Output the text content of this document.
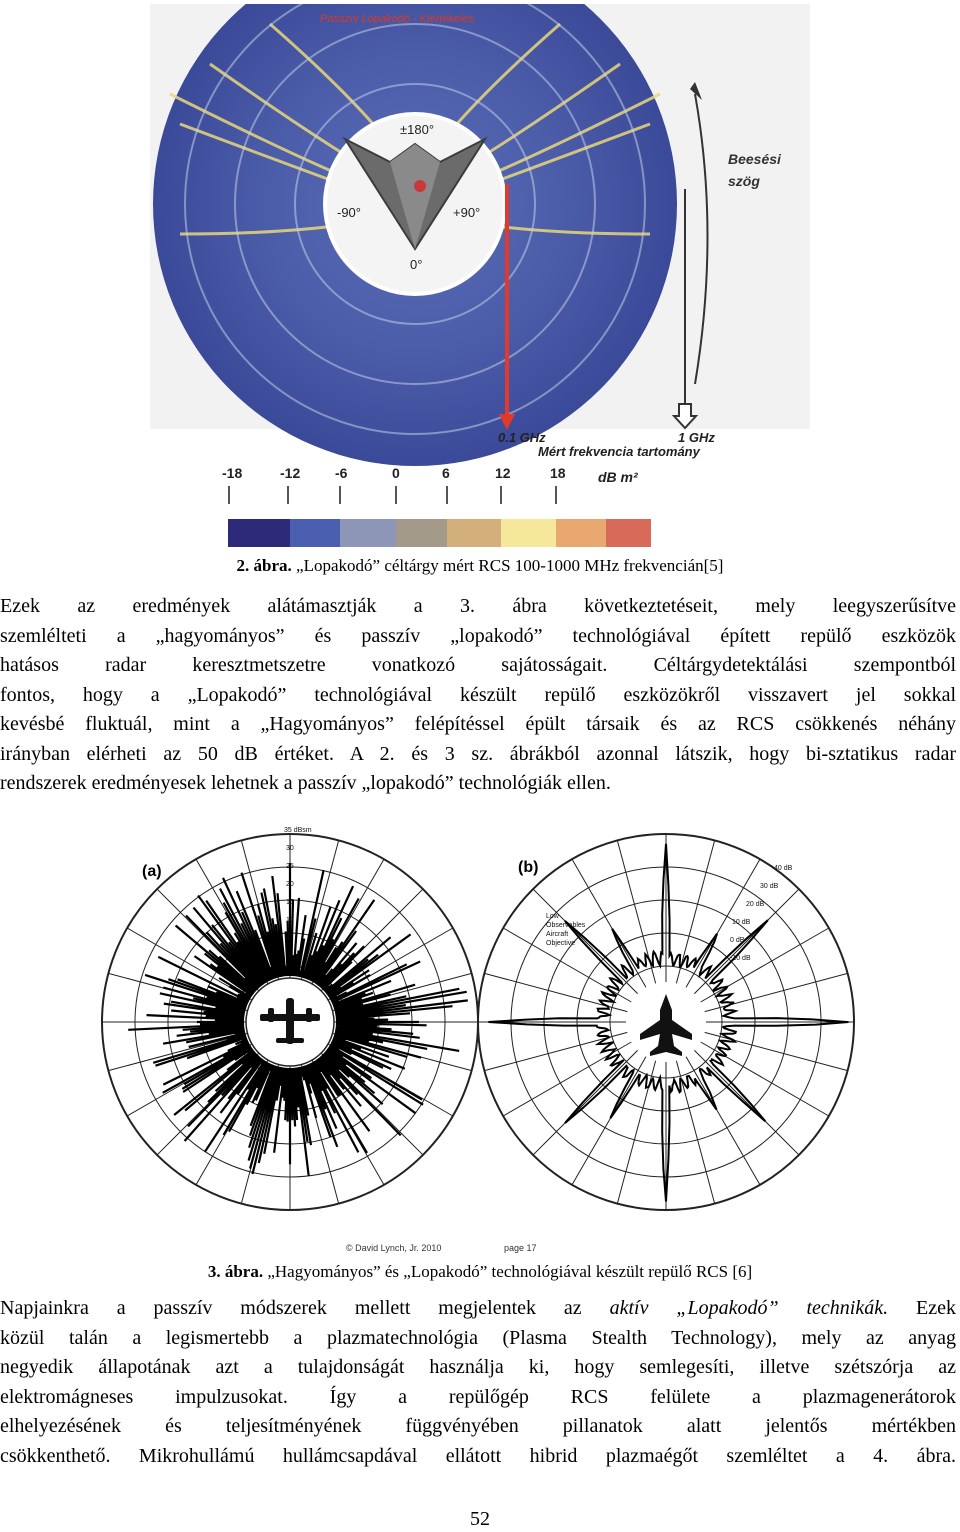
±180°
-90°	+90°
0°
Passzív Lopakodó - Kiértékelés
Beesési
szög
0.1 GHz	1 GHz
Mért frekvencia tartomány
-18	-12 -6	0	6	12	18 dB m²
2. ábra. „Lopakodó” céltárgy mért RCS 100-1000 MHz frekvencián[5]
Ezek az eredmények alátámasztják a 3. ábra következtetéseit, mely leegyszerűsítve
szemlélteti a „hagyományos” és passzív „lopakodó” technológiával épített repülő eszközök
hatásos radar keresztmetszetre vonatkozó sajátosságait. Céltárgydetektálási szempontból
fontos, hogy a „Lopakodó” technológiával készült repülő eszközökről visszavert jel sokkal
kevésbé fluktuál, mint a „Hagyományos” felépítéssel épült társaik és az RCS csökkenés néhány
irányban elérheti az 50 dB értéket. A 2. és 3 sz. ábrákból azonnal látszik, hogy bi-sztatikus radar
rendszerek eredményesek lehetnek a passzív „lopakodó” technológiák ellen.
(a)
35 dBsm
30
25
20
15
10
5
(b)	40 dB
30 dB
20 dB
10 dB
0 dB
-10 dB
Low
Observables
Aircraft
Objective
© David Lynch, Jr. 2010	page 17
3. ábra. „Hagyományos” és „Lopakodó” technológiával készült repülő RCS [6]
Napjainkra a passzív módszerek mellett megjelentek az aktív „Lopakodó” technikák. Ezek
közül talán a legismertebb a plazmatechnológia (Plasma Stealth Technology), mely az anyag
negyedik állapotának azt a tulajdonságát használja ki, hogy semlegesíti, illetve szétszórja az
elektromágneses impulzusokat. Így a repülőgép RCS felülete a plazmagenerátorok
elhelyezésének és teljesítményének függvényében pillanatok alatt jelentős mértékben
csökkenthető. Mikrohullámú hullámcsapdával ellátott hibrid plazmaégőt szemléltet a 4. ábra.
52
